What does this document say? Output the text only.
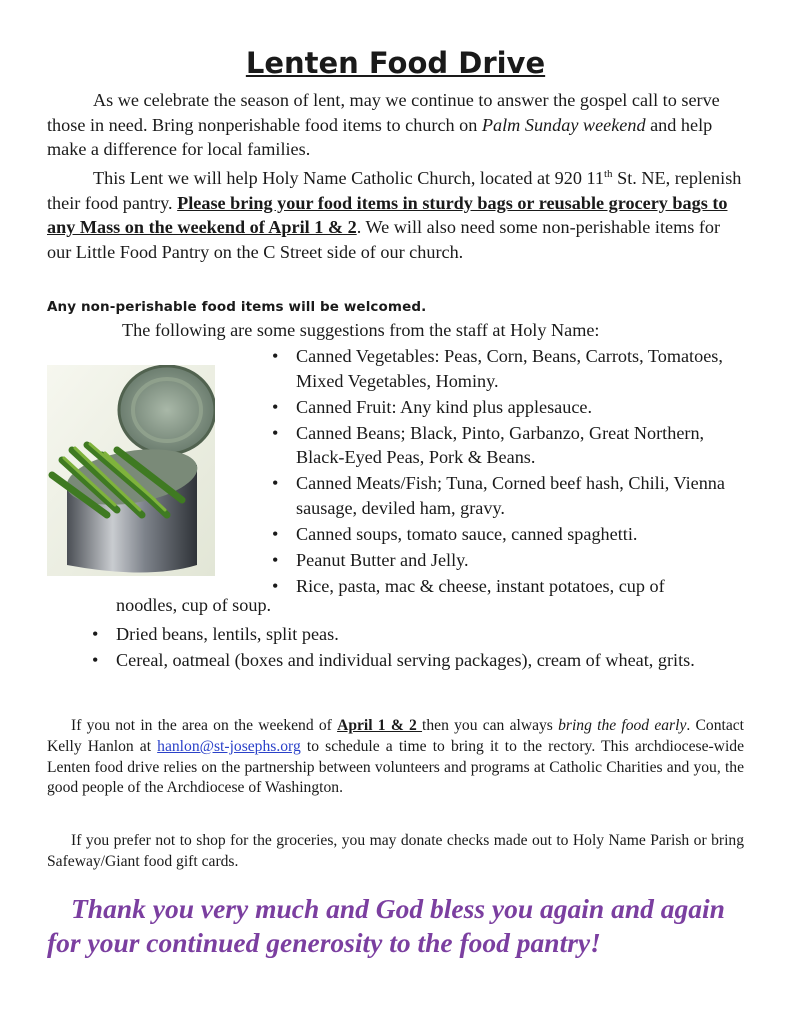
Lenten Food Drive

As we celebrate the season of lent, may we continue to answer the gospel call to serve those in need. Bring nonperishable food items to church on Palm Sunday weekend and help make a difference for local families.

This Lent we will help Holy Name Catholic Church, located at 920 11th St. NE, replenish their food pantry. Please bring your food items in sturdy bags or reusable grocery bags to any Mass on the weekend of April 1 & 2. We will also need some non-perishable items for our Little Food Pantry on the C Street side of our church.

Any non-perishable food items will be welcomed.
The following are some suggestions from the staff at Holy Name:
• Canned Vegetables: Peas, Corn, Beans, Carrots, Tomatoes, Mixed Vegetables, Hominy.
• Canned Fruit: Any kind plus applesauce.
• Canned Beans; Black, Pinto, Garbanzo, Great Northern, Black-Eyed Peas, Pork & Beans.
• Canned Meats/Fish; Tuna, Corned beef hash, Chili, Vienna sausage, deviled ham, gravy.
• Canned soups, tomato sauce, canned spaghetti.
• Peanut Butter and Jelly.
• Rice, pasta, mac & cheese, instant potatoes, cup of
noodles, cup of soup.
• Dried beans, lentils, split peas.
• Cereal, oatmeal (boxes and individual serving packages), cream of wheat, grits.

If you not in the area on the weekend of April 1 & 2 then you can always bring the food early. Contact Kelly Hanlon at hanlon@st-josephs.org to schedule a time to bring it to the rectory. This archdiocese-wide Lenten food drive relies on the partnership between volunteers and programs at Catholic Charities and you, the good people of the Archdiocese of Washington.

If you prefer not to shop for the groceries, you may donate checks made out to Holy Name Parish or bring Safeway/Giant food gift cards.

Thank you very much and God bless you again and again for your continued generosity to the food pantry!
